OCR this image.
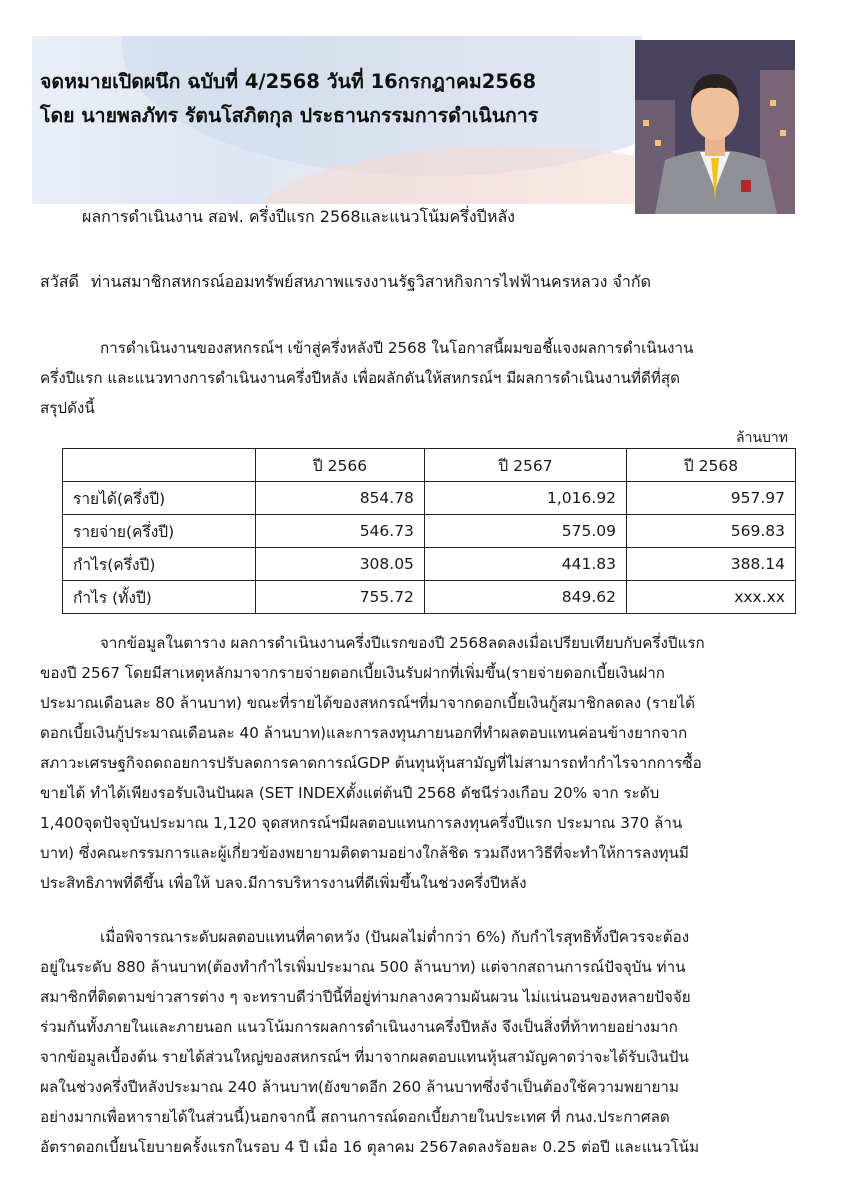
จดหมายเปิดผนึก ฉบับที่ 4/2568 วันที่ 16กรกฎาคม2568
โดย นายพลภัทร รัตนโสภิตกุล ประธานกรรมการดำเนินการ
ผลการดำเนินงาน สอฟ. ครึ่งปีแรก 2568และแนวโน้มครึ่งปีหลัง
สวัสดี ท่านสมาชิกสหกรณ์ออมทรัพย์สหภาพแรงงานรัฐวิสาหกิจการไฟฟ้านครหลวง จำกัด

การดำเนินงานของสหกรณ์ฯ เข้าสู่ครึ่งหลังปี 2568 ในโอกาสนี้ผมขอชี้แจงผลการดำเนินงาน
ครึ่งปีแรก และแนวทางการดำเนินงานครึ่งปีหลัง เพื่อผลักดันให้สหกรณ์ฯ มีผลการดำเนินงานที่ดีที่สุด
สรุปดังนี้

ล้านบาท
	ปี 2566	ปี 2567	ปี 2568
รายได้(ครึ่งปี)	854.78	1,016.92	957.97
รายจ่าย(ครึ่งปี)	546.73	575.09	569.83
กำไร(ครึ่งปี)	308.05	441.83	388.14
กำไร (ทั้งปี)	755.72	849.62	xxx.xx

จากข้อมูลในตาราง ผลการดำเนินงานครึ่งปีแรกของปี 2568ลดลงเมื่อเปรียบเทียบกับครึ่งปีแรก
ของปี 2567 โดยมีสาเหตุหลักมาจากรายจ่ายดอกเบี้ยเงินรับฝากที่เพิ่มขึ้น(รายจ่ายดอกเบี้ยเงินฝาก
ประมาณเดือนละ 80 ล้านบาท) ขณะที่รายได้ของสหกรณ์ฯที่มาจากดอกเบี้ยเงินกู้สมาชิกลดลง (รายได้
ดอกเบี้ยเงินกู้ประมาณเดือนละ 40 ล้านบาท)และการลงทุนภายนอกที่ทำผลตอบแทนค่อนข้างยากจาก
สภาวะเศรษฐกิจถดถอยการปรับลดการคาดการณ์GDP ต้นทุนหุ้นสามัญที่ไม่สามารถทำกำไรจากการซื้อ
ขายได้ ทำได้เพียงรอรับเงินปันผล (SET INDEXตั้งแต่ต้นปี 2568 ดัชนีร่วงเกือบ 20% จาก ระดับ
1,400จุดปัจจุบันประมาณ 1,120 จุดสหกรณ์ฯมีผลตอบแทนการลงทุนครึ่งปีแรก ประมาณ 370 ล้าน
บาท) ซึ่งคณะกรรมการและผู้เกี่ยวข้องพยายามติดตามอย่างใกล้ชิด รวมถึงหาวิธีที่จะทำให้การลงทุนมี
ประสิทธิภาพที่ดีขึ้น เพื่อให้ บลจ.มีการบริหารงานที่ดีเพิ่มขึ้นในช่วงครึ่งปีหลัง

เมื่อพิจารณาระดับผลตอบแทนที่คาดหวัง (ปันผลไม่ต่ำกว่า 6%) กับกำไรสุทธิทั้งปีควรจะต้อง
อยู่ในระดับ 880 ล้านบาท(ต้องทำกำไรเพิ่มประมาณ 500 ล้านบาท) แต่จากสถานการณ์ปัจจุบัน ท่าน
สมาชิกที่ติดตามข่าวสารต่าง ๆ จะทราบดีว่าปีนี้ที่อยู่ท่ามกลางความผันผวน ไม่แน่นอนของหลายปัจจัย
ร่วมกันทั้งภายในและภายนอก แนวโน้มการผลการดำเนินงานครึ่งปีหลัง จึงเป็นสิ่งที่ท้าทายอย่างมาก
จากข้อมูลเบื้องต้น รายได้ส่วนใหญ่ของสหกรณ์ฯ ที่มาจากผลตอบแทนหุ้นสามัญคาดว่าจะได้รับเงินปัน
ผลในช่วงครึ่งปีหลังประมาณ 240 ล้านบาท(ยังขาดอีก 260 ล้านบาทซึ่งจำเป็นต้องใช้ความพยายาม
อย่างมากเพื่อหารายได้ในส่วนนี้)นอกจากนี้ สถานการณ์ดอกเบี้ยภายในประเทศ ที่ กนง.ประกาศลด
อัตราดอกเบี้ยนโยบายครั้งแรกในรอบ 4 ปี เมื่อ 16 ตุลาคม 2567ลดลงร้อยละ 0.25 ต่อปี และแนวโน้ม
